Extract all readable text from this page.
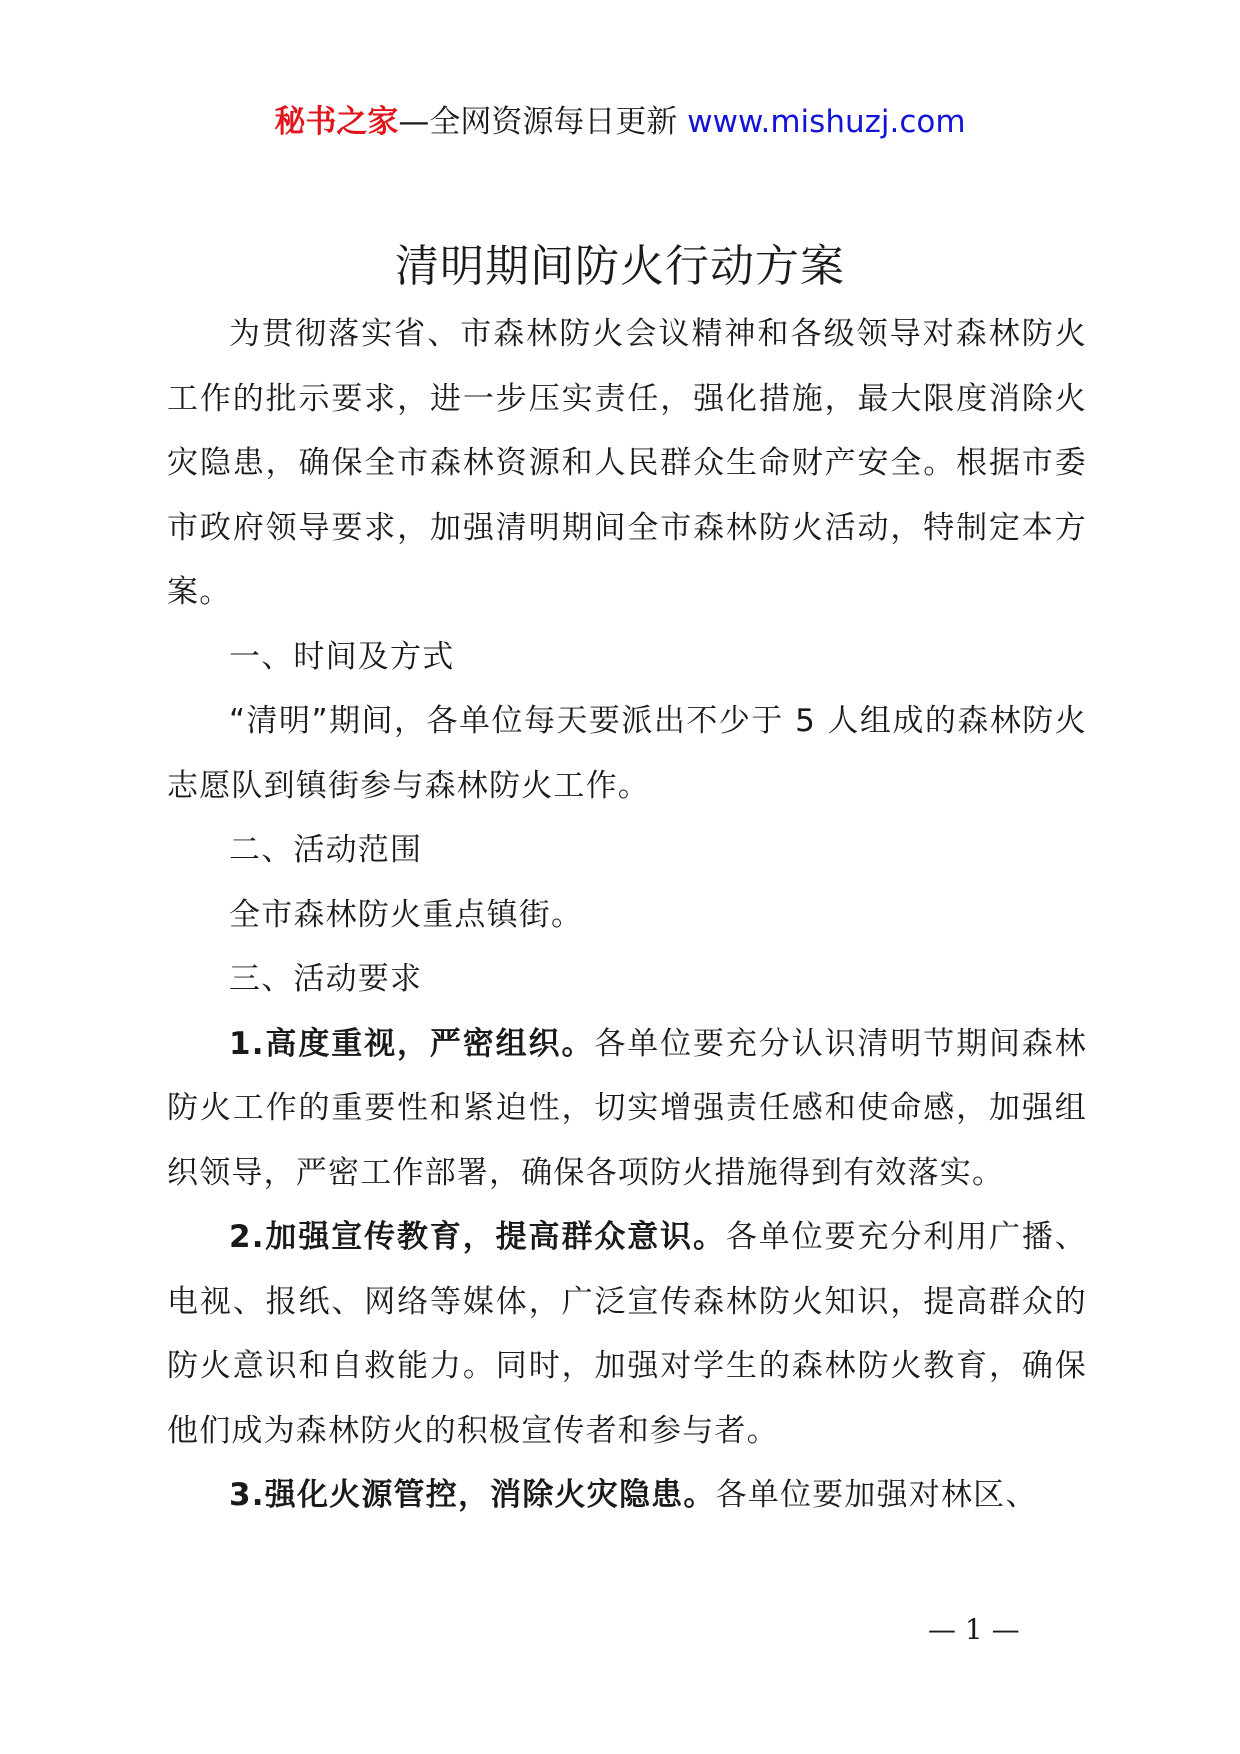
秘书之家—全网资源每日更新 www.mishuzj.com
清明期间防火行动方案

为贯彻落实省、市森林防火会议精神和各级领导对森林防火工作的批示要求，进一步压实责任，强化措施，最大限度消除火灾隐患，确保全市森林资源和人民群众生命财产安全。根据市委市政府领导要求，加强清明期间全市森林防火活动，特制定本方案。

一、时间及方式

“清明”期间，各单位每天要派出不少于 5 人组成的森林防火志愿队到镇街参与森林防火工作。

二、活动范围

全市森林防火重点镇街。

三、活动要求

1.高度重视，严密组织。各单位要充分认识清明节期间森林防火工作的重要性和紧迫性，切实增强责任感和使命感，加强组织领导，严密工作部署，确保各项防火措施得到有效落实。

2.加强宣传教育，提高群众意识。各单位要充分利用广播、电视、报纸、网络等媒体，广泛宣传森林防火知识，提高群众的防火意识和自救能力。同时，加强对学生的森林防火教育，确保他们成为森林防火的积极宣传者和参与者。

3.强化火源管控，消除火灾隐患。各单位要加强对林区、

— 1 —
